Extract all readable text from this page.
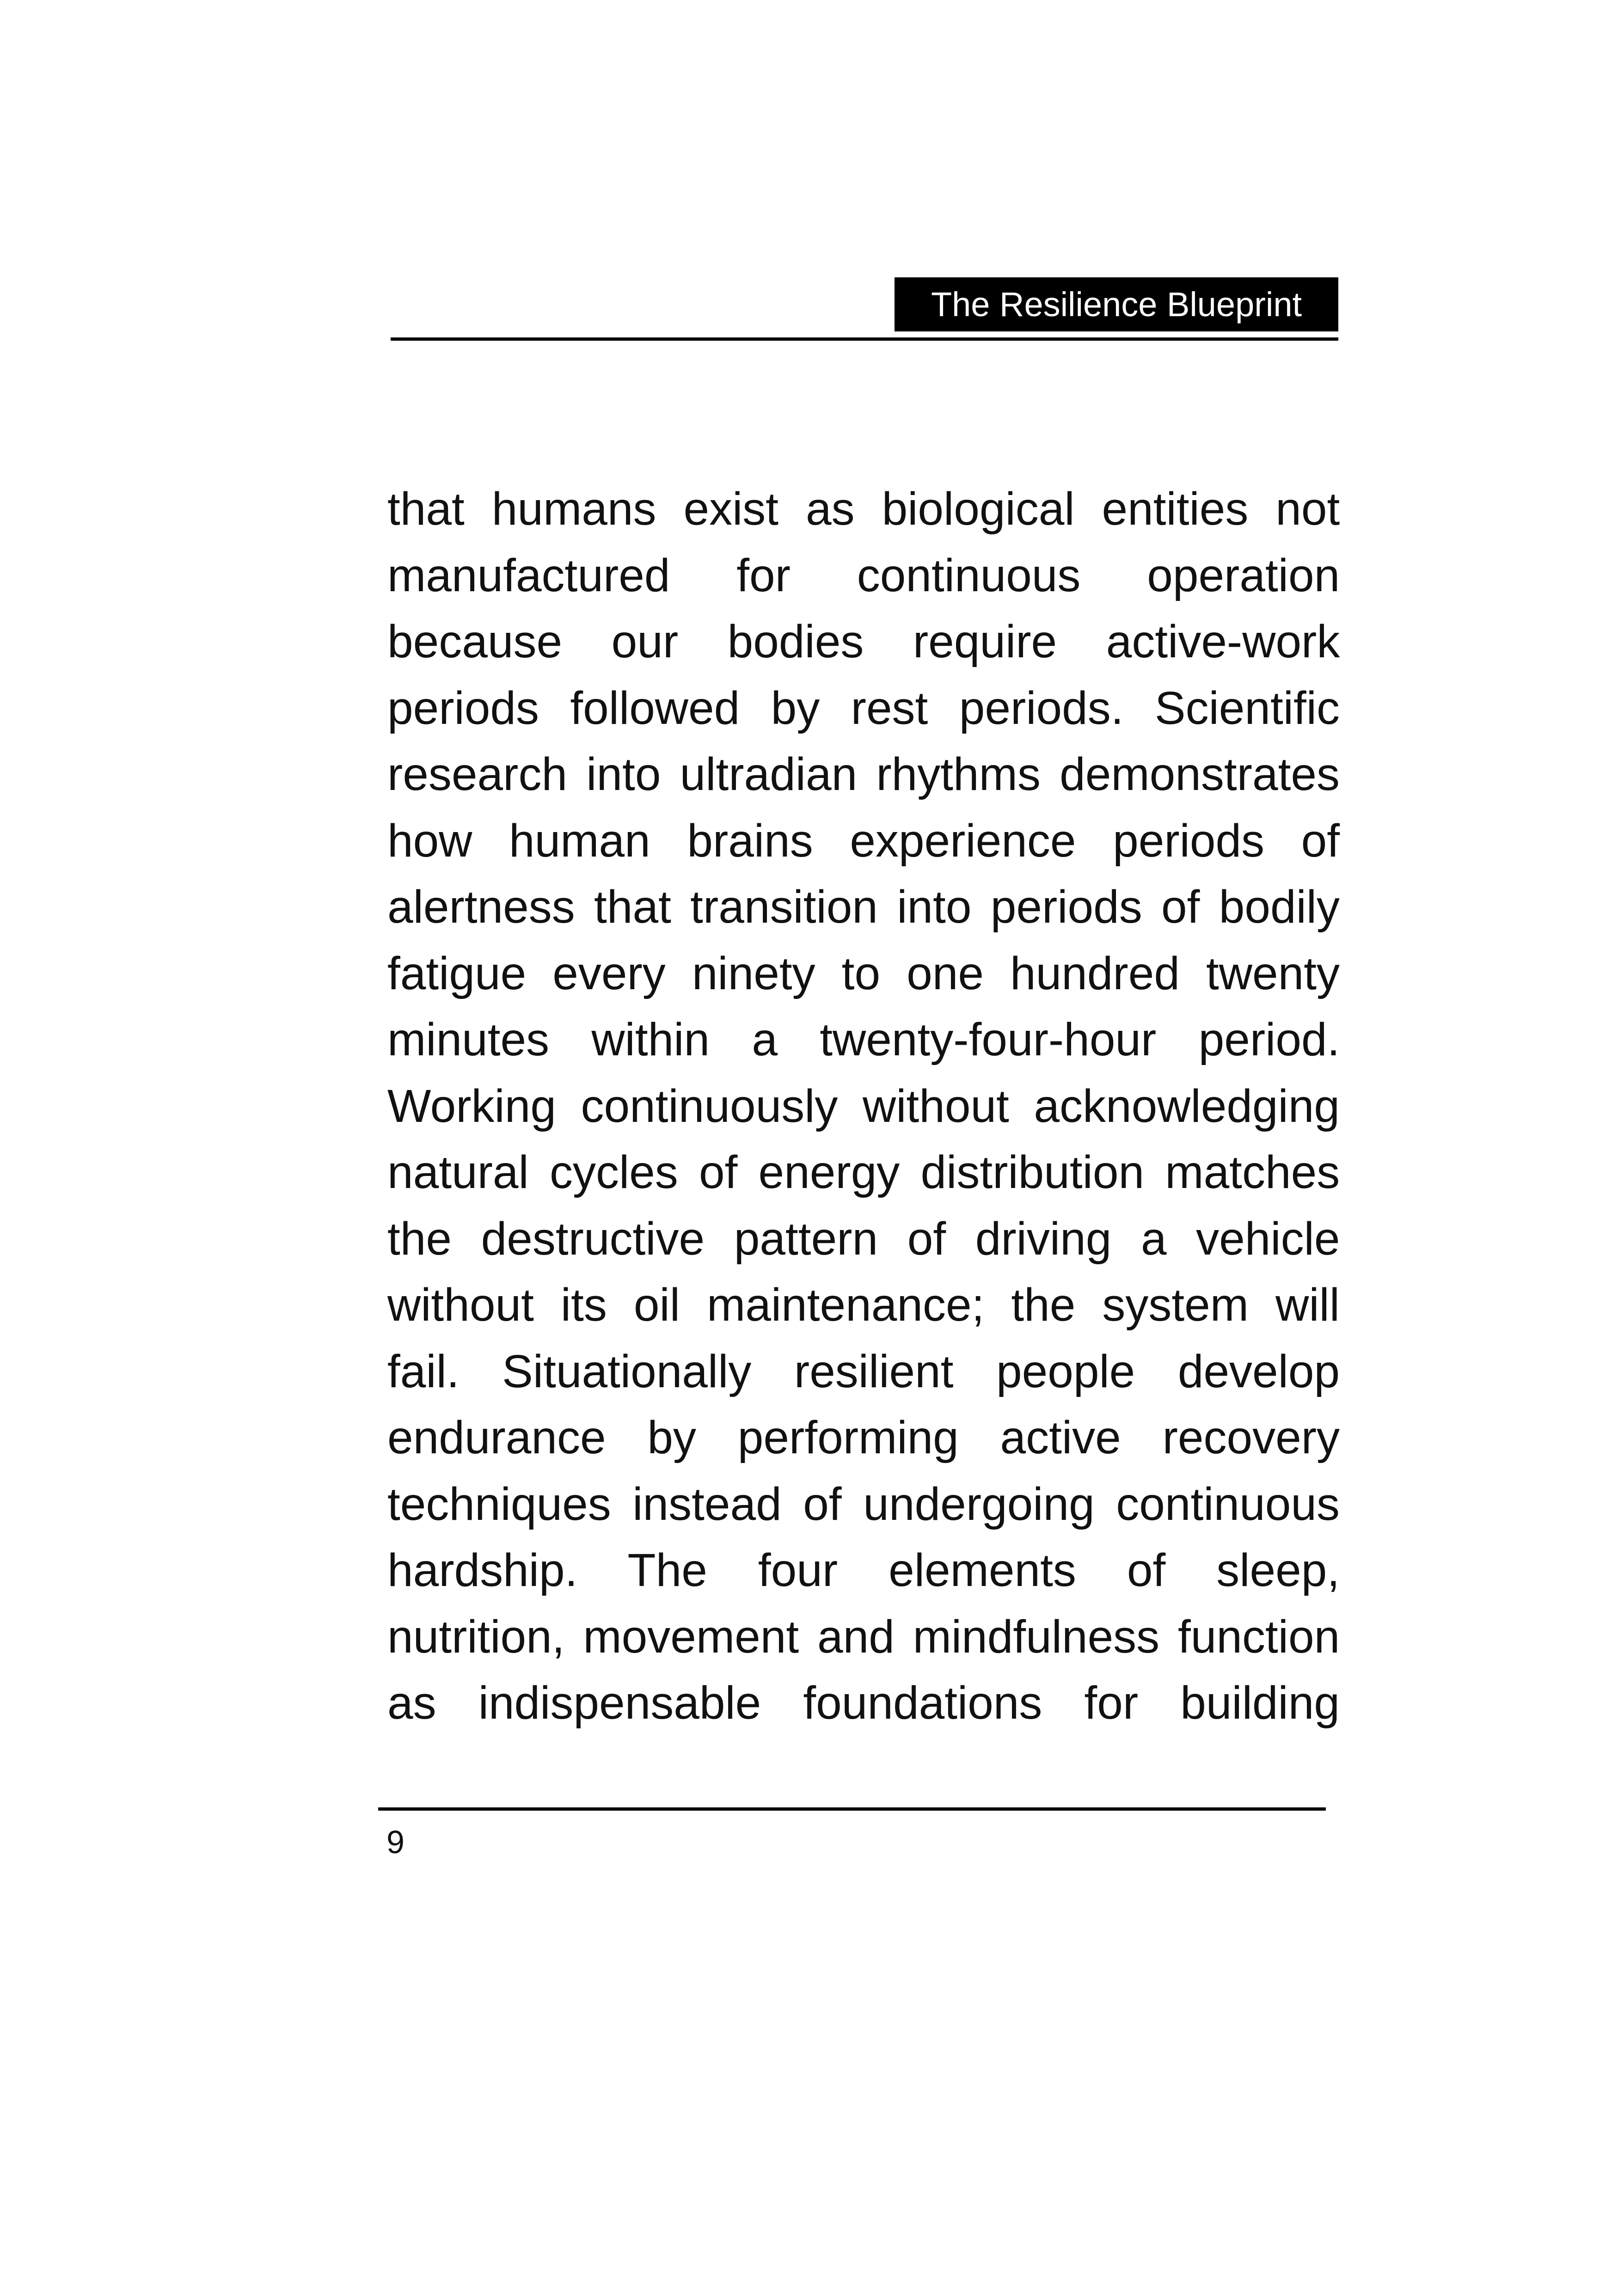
The Resilience Blueprint
that humans exist as biological entities not
manufactured for continuous operation
because our bodies require active-work
periods followed by rest periods. Scientific
research into ultradian rhythms demonstrates
how human brains experience periods of
alertness that transition into periods of bodily
fatigue every ninety to one hundred twenty
minutes within a twenty-four-hour period.
Working continuously without acknowledging
natural cycles of energy distribution matches
the destructive pattern of driving a vehicle
without its oil maintenance; the system will
fail. Situationally resilient people develop
endurance by performing active recovery
techniques instead of undergoing continuous
hardship. The four elements of sleep,
nutrition, movement and mindfulness function
as indispensable foundations for building
9
